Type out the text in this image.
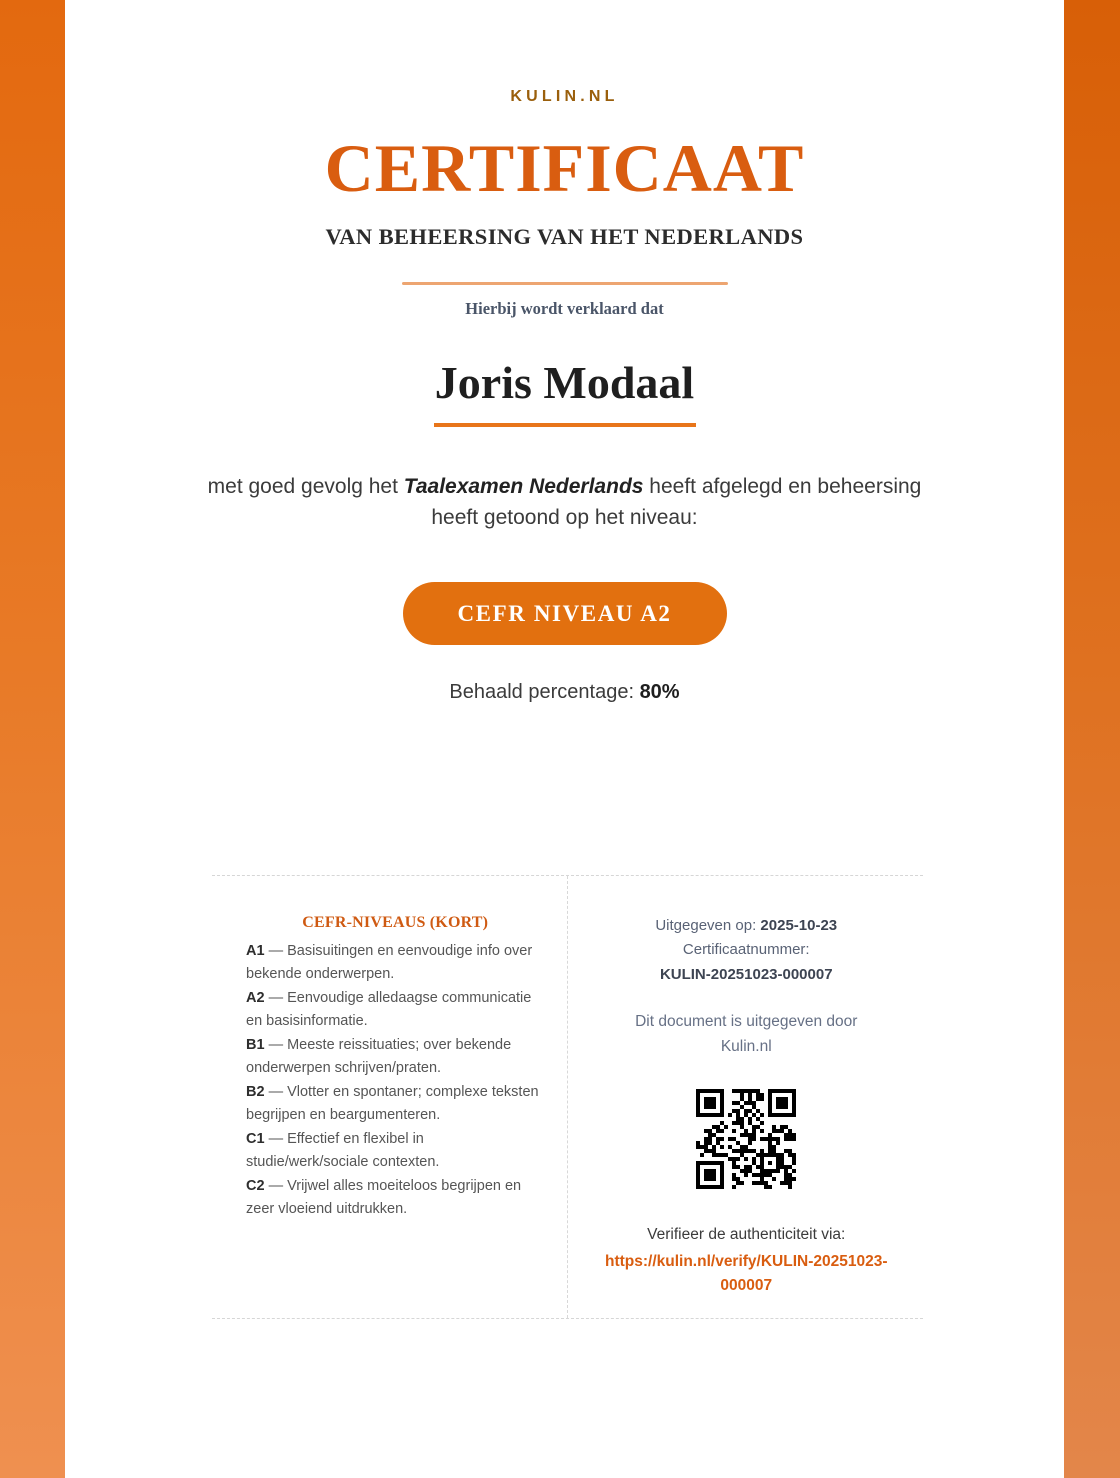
KULIN.NL
CERTIFICAAT
VAN BEHEERSING VAN HET NEDERLANDS
Hierbij wordt verklaard dat
Joris Modaal
met goed gevolg het Taalexamen Nederlands heeft afgelegd en beheersing heeft getoond op het niveau:
CEFR NIVEAU A2
Behaald percentage: 80%
CEFR-NIVEAUS (KORT)
A1 — Basisuitingen en eenvoudige info over bekende onderwerpen.
A2 — Eenvoudige alledaagse communicatie en basisinformatie.
B1 — Meeste reissituaties; over bekende onderwerpen schrijven/praten.
B2 — Vlotter en spontaner; complexe teksten begrijpen en beargumenteren.
C1 — Effectief en flexibel in studie/werk/sociale contexten.
C2 — Vrijwel alles moeiteloos begrijpen en zeer vloeiend uitdrukken.
Uitgegeven op: 2025-10-23
Certificaatnummer:
KULIN-20251023-000007
Dit document is uitgegeven door
Kulin.nl
Verifieer de authenticiteit via:
https://kulin.nl/verify/KULIN-20251023-000007
